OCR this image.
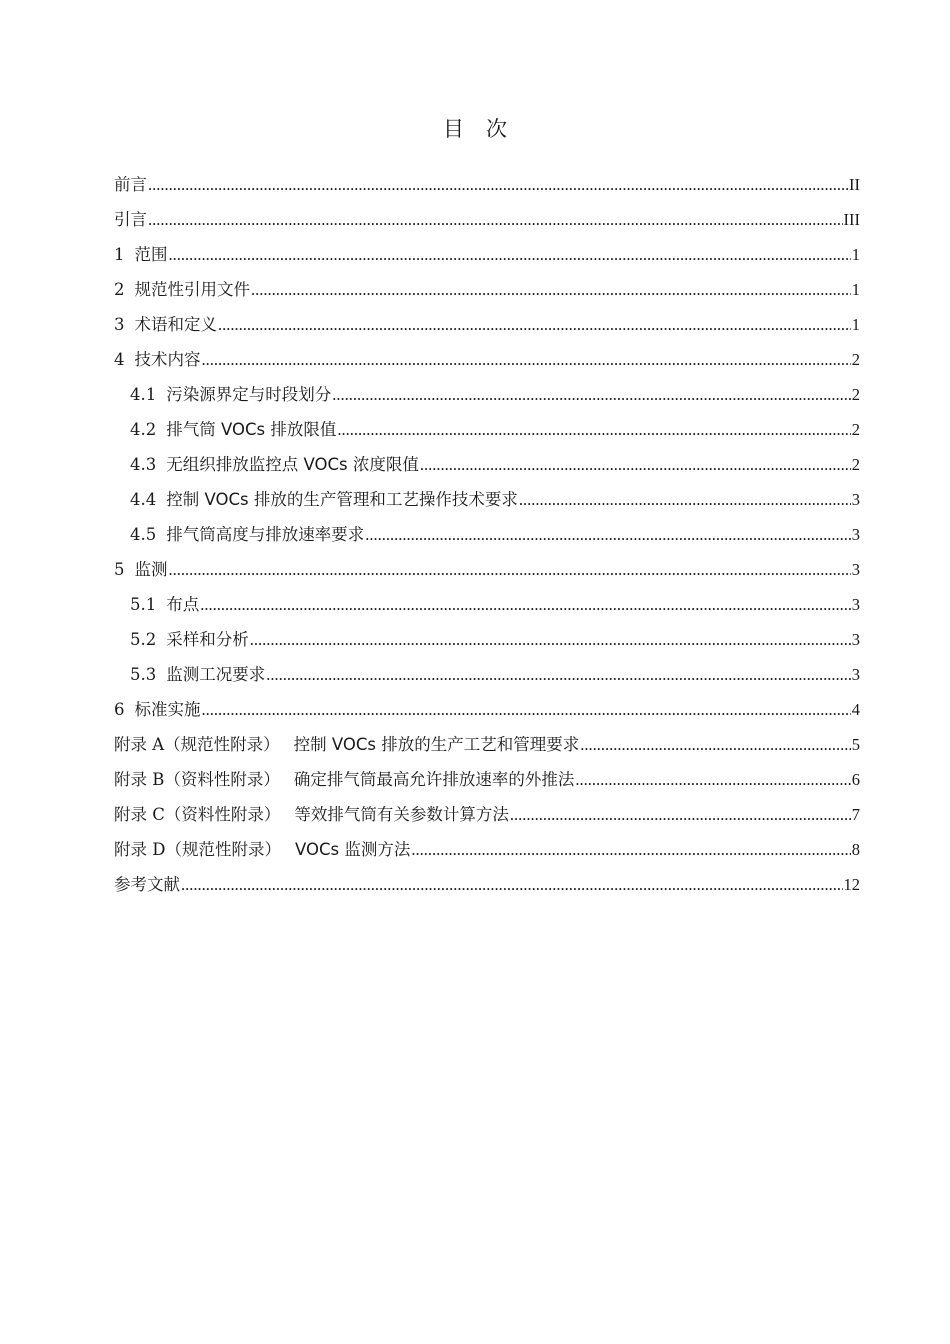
目 次
前言 .....	II
引言 .....	III
1 范围 .....	1
2 规范性引用文件 .....	1
3 术语和定义 .....	1
4 技术内容 .....	2
4.1 污染源界定与时段划分 .....	2
4.2 排气筒 VOCs 排放限值 .....	2
4.3 无组织排放监控点 VOCs 浓度限值 .....	2
4.4 控制 VOCs 排放的生产管理和工艺操作技术要求 .....	3
4.5 排气筒高度与排放速率要求 .....	3
5 监测 .....	3
5.1 布点 .....	3
5.2 采样和分析 .....	3
5.3 监测工况要求 .....	3
6 标准实施 .....	4
附录 A（规范性附录） 控制 VOCs 排放的生产工艺和管理要求 .....	5
附录 B（资料性附录） 确定排气筒最高允许排放速率的外推法 .....	6
附录 C（资料性附录） 等效排气筒有关参数计算方法 .....	7
附录 D（规范性附录） VOCs 监测方法 .....	8
参考文献 .....	12
